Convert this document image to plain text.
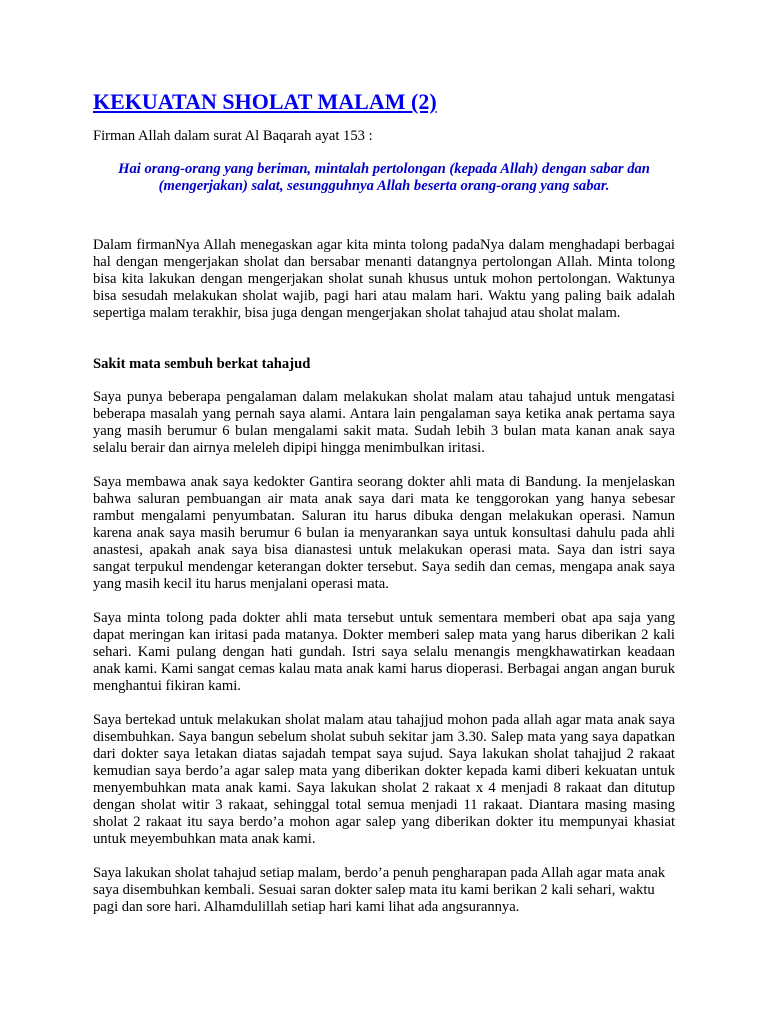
KEKUATAN SHOLAT MALAM (2)

Firman Allah dalam surat Al Baqarah ayat 153 :

Hai orang-orang yang beriman, mintalah pertolongan (kepada Allah) dengan sabar dan (mengerjakan) salat, sesungguhnya Allah beserta orang-orang yang sabar.

Dalam firmanNya Allah menegaskan agar kita minta tolong padaNya dalam menghadapi berbagai hal dengan mengerjakan sholat dan bersabar menanti datangnya pertolongan Allah. Minta tolong bisa kita lakukan dengan mengerjakan sholat sunah khusus untuk mohon pertolongan. Waktunya bisa sesudah melakukan sholat wajib, pagi hari atau malam hari. Waktu yang paling baik adalah sepertiga malam terakhir, bisa juga dengan mengerjakan sholat tahajud atau sholat malam.

Sakit mata sembuh berkat tahajud

Saya punya beberapa pengalaman dalam melakukan sholat malam atau tahajud untuk mengatasi beberapa masalah yang pernah saya alami. Antara lain pengalaman saya ketika anak pertama saya yang masih berumur 6 bulan mengalami sakit mata. Sudah lebih 3 bulan mata kanan anak saya selalu berair dan airnya meleleh dipipi hingga menimbulkan iritasi.

Saya membawa anak saya kedokter Gantira seorang dokter ahli mata di Bandung. Ia menjelaskan bahwa saluran pembuangan air mata anak saya dari mata ke tenggorokan yang hanya sebesar rambut mengalami penyumbatan. Saluran itu harus dibuka dengan melakukan operasi. Namun karena anak saya masih berumur 6 bulan ia menyarankan saya untuk konsultasi dahulu pada ahli anastesi, apakah anak saya bisa dianastesi untuk melakukan operasi mata. Saya dan istri saya sangat terpukul mendengar keterangan dokter tersebut. Saya sedih dan cemas, mengapa anak saya yang masih kecil itu harus menjalani operasi mata.

Saya minta tolong pada dokter ahli mata tersebut untuk sementara memberi obat apa saja yang dapat meringan kan iritasi pada matanya. Dokter memberi salep mata yang harus diberikan 2 kali sehari. Kami pulang dengan hati gundah. Istri saya selalu menangis mengkhawatirkan keadaan anak kami. Kami sangat cemas kalau mata anak kami harus dioperasi. Berbagai angan angan buruk menghantui fikiran kami.

Saya bertekad untuk melakukan sholat malam atau tahajjud mohon pada allah agar mata anak saya disembuhkan. Saya bangun sebelum sholat subuh sekitar jam 3.30. Salep mata yang saya dapatkan dari dokter saya letakan diatas sajadah tempat saya sujud. Saya lakukan sholat tahajjud 2 rakaat kemudian saya berdo’a agar salep mata yang diberikan dokter kepada kami diberi kekuatan untuk menyembuhkan mata anak kami. Saya lakukan sholat 2 rakaat x 4 menjadi 8 rakaat dan ditutup dengan sholat witir 3 rakaat, sehinggal total semua menjadi 11 rakaat. Diantara masing masing sholat 2 rakaat itu saya berdo’a mohon agar salep yang diberikan dokter itu mempunyai khasiat untuk meyembuhkan mata anak kami.

Saya lakukan sholat tahajud setiap malam, berdo’a penuh pengharapan pada Allah agar mata anak saya disembuhkan kembali. Sesuai saran dokter salep mata itu kami berikan 2 kali sehari, waktu pagi dan sore hari. Alhamdulillah setiap hari kami lihat ada angsurannya.
